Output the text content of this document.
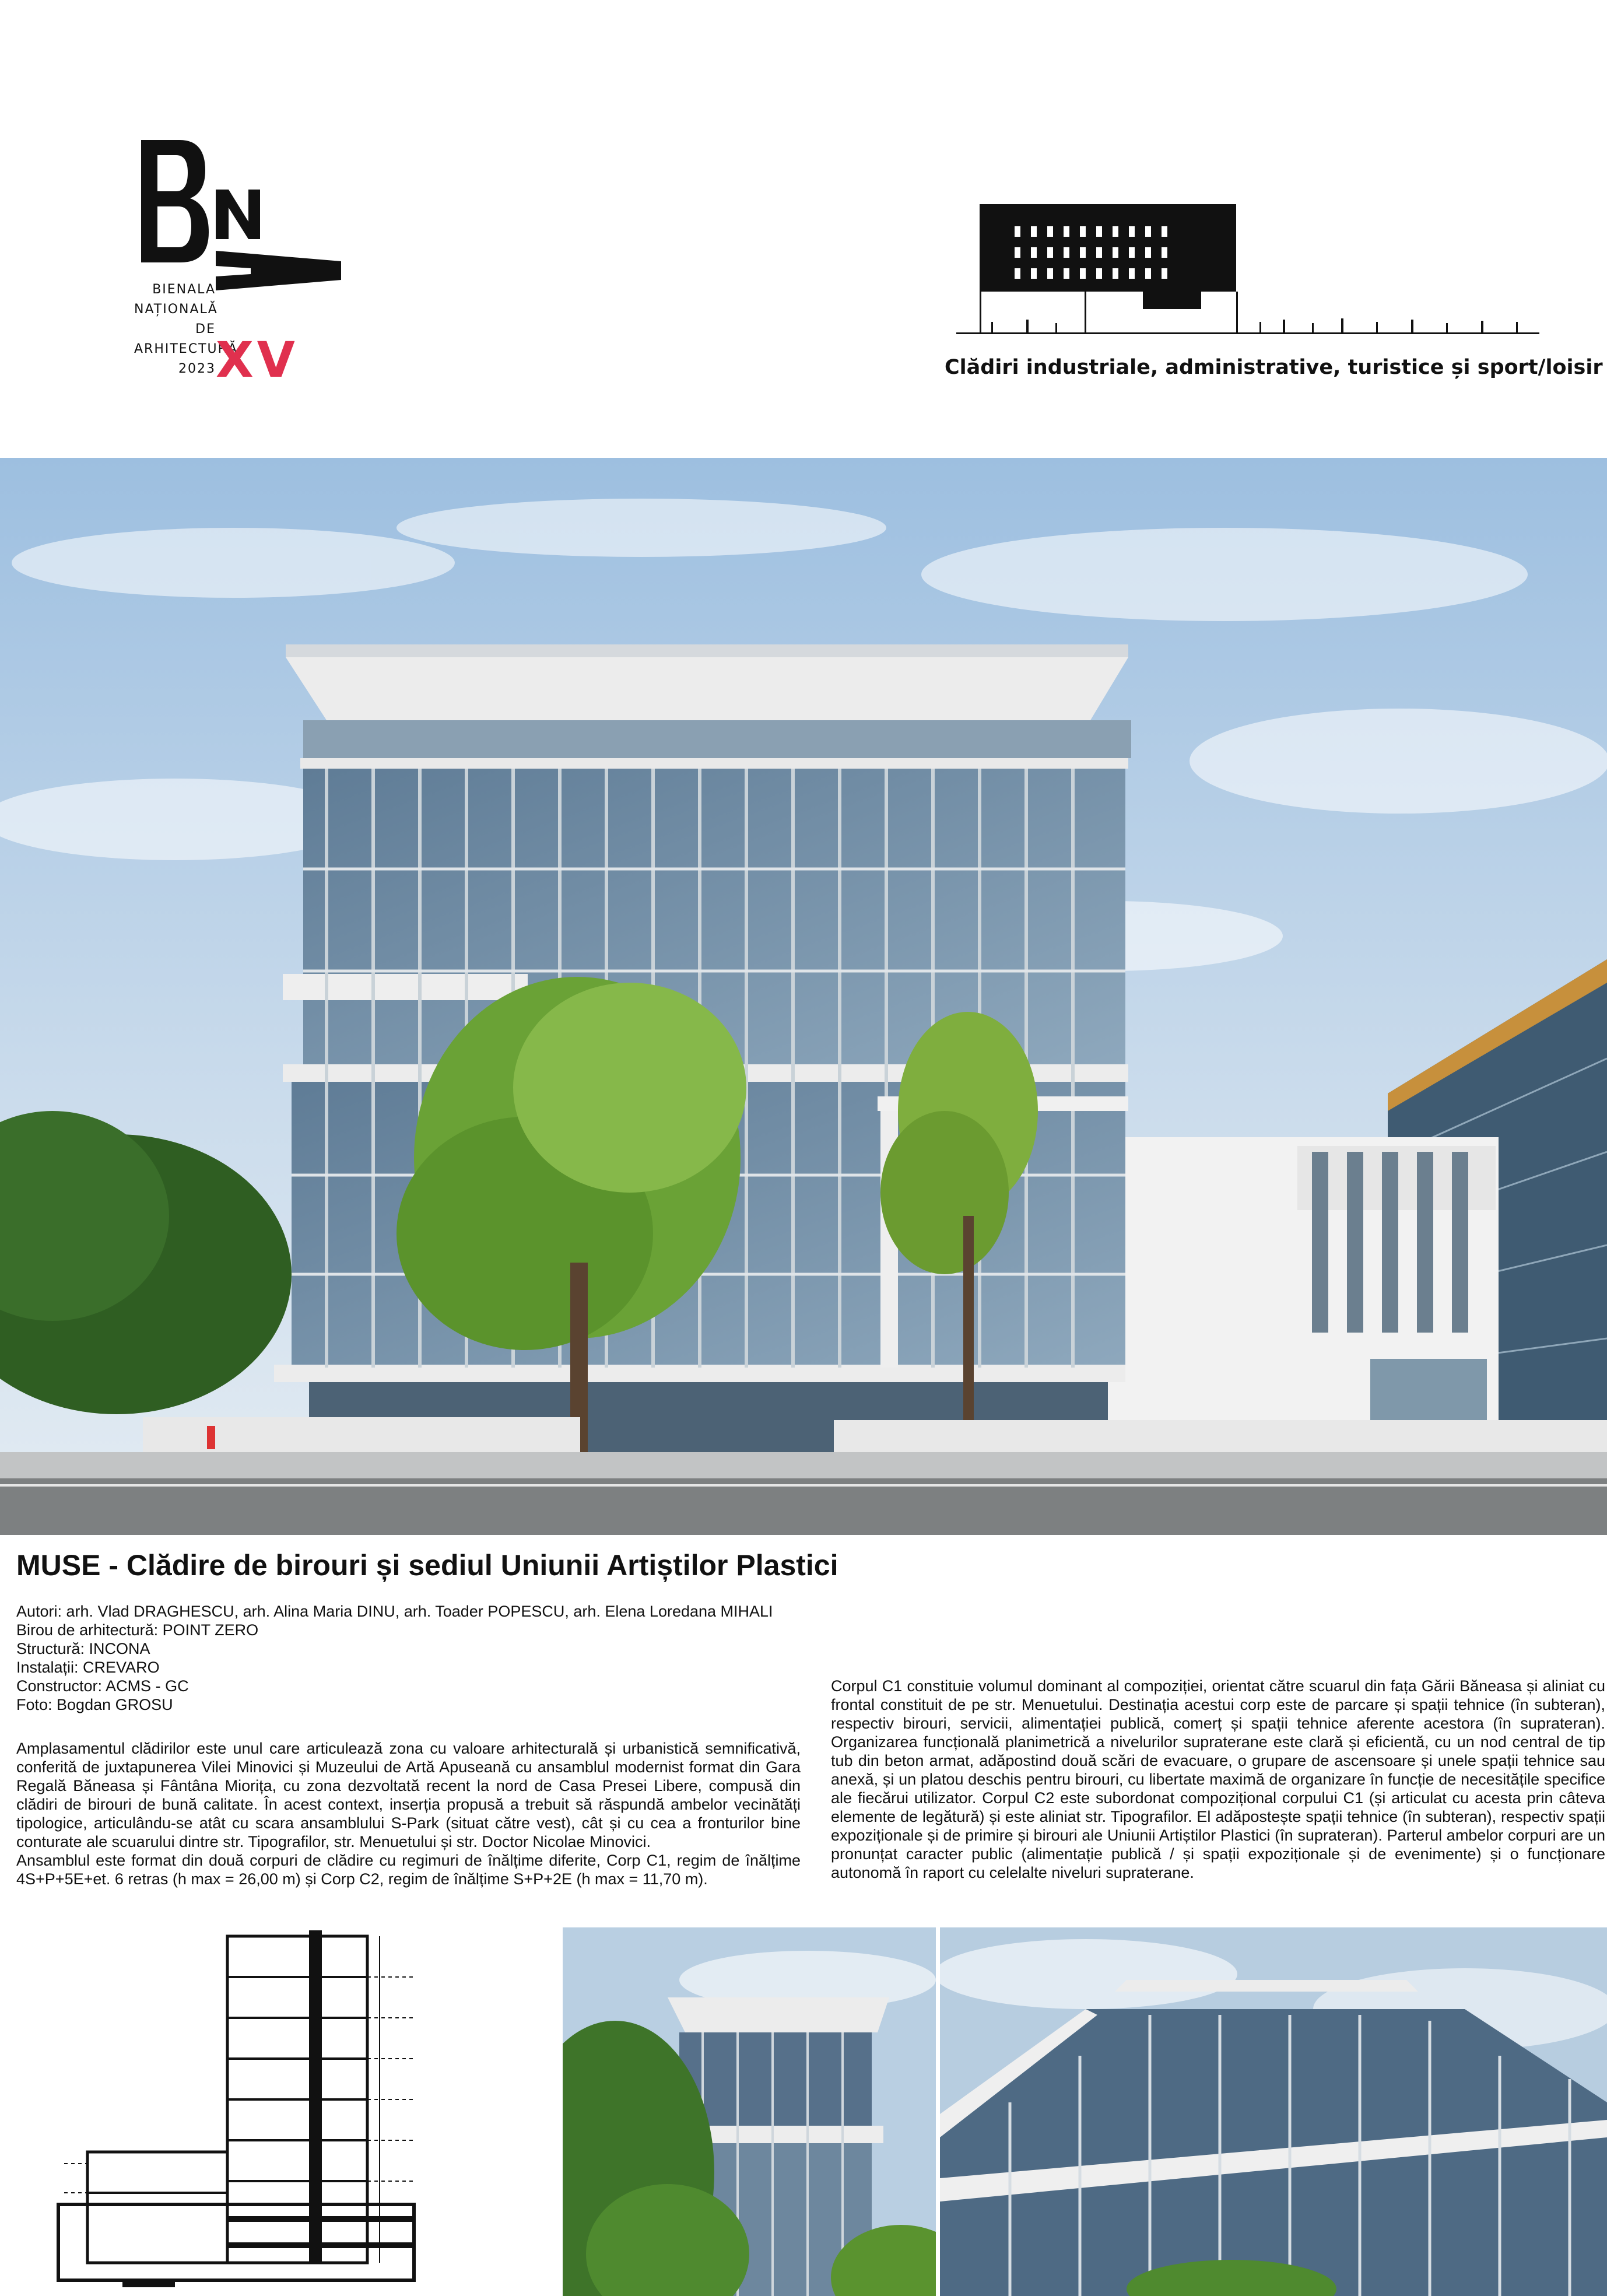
BIENALA
NAȚIONALĂ
DE
ARHITECTURĂ
2023 XV	Clădiri industriale, administrative, turistice și sport/loisir
MUSE - Clădire de birouri și sediul Uniunii Artiștilor Plastici
Autori: arh. Vlad DRAGHESCU, arh. Alina Maria DINU, arh. Toader POPESCU, arh. Elena Loredana MIHALI
Birou de arhitectură: POINT ZERO
Structură: INCONA
Instalații: CREVARO
Constructor: ACMS - GC
Foto: Bogdan GROSU

Amplasamentul clădirilor este unul care articulează zona cu valoare arhitecturală și urbanistică semnificativă, conferită de juxtapunerea Vilei Minovici și Muzeului de Artă Apuseană cu ansamblul modernist format din Gara Regală Băneasa și Fântâna Miorița, cu zona dezvoltată recent la nord de Casa Presei Libere, compusă din clădiri de birouri de bună calitate. În acest context, inserția propusă a trebuit să răspundă ambelor vecinătăți tipologice, articulându-se atât cu scara ansamblului S-Park (situat către vest), cât și cu cea a fronturilor bine conturate ale scuarului dintre str. Tipografilor, str. Menuetului și str. Doctor Nicolae Minovici.

Ansamblul este format din două corpuri de clădire cu regimuri de înălțime diferite, Corp C1, regim de înălțime 4S+P+5E+et. 6 retras (h max = 26,00 m) și Corp C2, regim de înălțime S+P+2E (h max = 11,70 m).

Corpul C1 constituie volumul dominant al compoziției, orientat către scuarul din fața Gării Băneasa și aliniat cu frontal constituit de pe str. Menuetului. Destinația acestui corp este de parcare și spații tehnice (în subteran), respectiv birouri, servicii, alimentației publică, comerț și spații tehnice aferente acestora (în suprateran). Organizarea funcțională planimetrică a nivelurilor supraterane este clară și eficientă, cu un nod central de tip tub din beton armat, adăpostind două scări de evacuare, o grupare de ascensoare și unele spații tehnice sau anexă, și un platou deschis pentru birouri, cu libertate maximă de organizare în funcție de necesitățile specifice ale fiecărui utilizator. Corpul C2 este subordonat compozițional corpului C1 (și articulat cu acesta prin câteva elemente de legătură) și este aliniat str. Tipografilor. El adăpostește spații tehnice (în subteran), respectiv spații expoziționale și de primire și birouri ale Uniunii Artiștilor Plastici (în suprateran). Parterul ambelor corpuri are un pronunțat caracter public (alimentație publică / și spații expoziționale și de evenimente) și o funcționare autonomă în raport cu celelalte niveluri supraterane.
